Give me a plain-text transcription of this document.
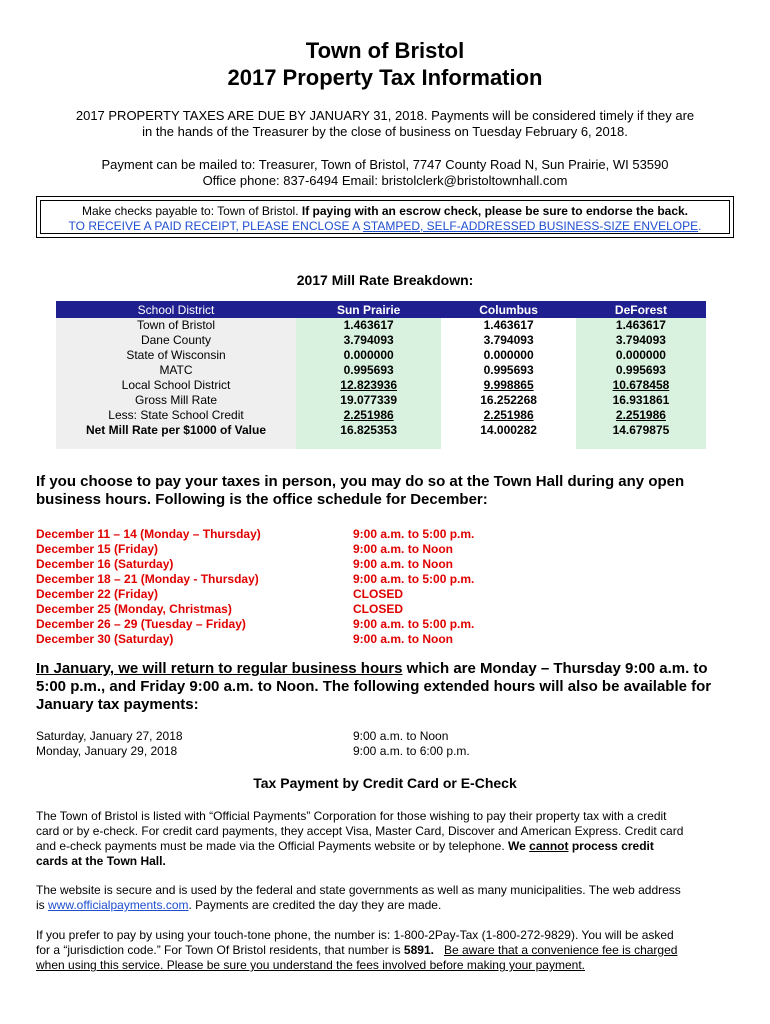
Town of Bristol
2017 Property Tax Information
2017 PROPERTY TAXES ARE DUE BY JANUARY 31, 2018. Payments will be considered timely if they are
in the hands of the Treasurer by the close of business on Tuesday February 6, 2018.
Payment can be mailed to: Treasurer, Town of Bristol, 7747 County Road N, Sun Prairie, WI 53590
Office phone: 837-6494 Email: bristolclerk@bristoltownhall.com
Make checks payable to: Town of Bristol. If paying with an escrow check, please be sure to endorse the back.
TO RECEIVE A PAID RECEIPT, PLEASE ENCLOSE A STAMPED, SELF-ADDRESSED BUSINESS-SIZE ENVELOPE.
2017 Mill Rate Breakdown:
School District	Sun Prairie	Columbus	DeForest
Town of Bristol	1.463617	1.463617	1.463617
Dane County	3.794093	3.794093	3.794093
State of Wisconsin	0.000000	0.000000	0.000000
MATC	0.995693	0.995693	0.995693
Local School District	12.823936	9.998865	10.678458
Gross Mill Rate	19.077339	16.252268	16.931861
Less: State School Credit	2.251986	2.251986	2.251986
Net Mill Rate per $1000 of Value	16.825353	14.000282	14.679875
If you choose to pay your taxes in person, you may do so at the Town Hall during any open
business hours. Following is the office schedule for December:
December 11 – 14 (Monday – Thursday)	9:00 a.m. to 5:00 p.m.
December 15 (Friday)	9:00 a.m. to Noon
December 16 (Saturday)	9:00 a.m. to Noon
December 18 – 21 (Monday - Thursday)	9:00 a.m. to 5:00 p.m.
December 22 (Friday)	CLOSED
December 25 (Monday, Christmas)	CLOSED
December 26 – 29 (Tuesday – Friday)	9:00 a.m. to 5:00 p.m.
December 30 (Saturday)	9:00 a.m. to Noon
In January, we will return to regular business hours which are Monday – Thursday 9:00 a.m. to
5:00 p.m., and Friday 9:00 a.m. to Noon. The following extended hours will also be available for
January tax payments:
Saturday, January 27, 2018	9:00 a.m. to Noon
Monday, January 29, 2018	9:00 a.m. to 6:00 p.m.
Tax Payment by Credit Card or E-Check
The Town of Bristol is listed with “Official Payments” Corporation for those wishing to pay their property tax with a credit
card or by e-check. For credit card payments, they accept Visa, Master Card, Discover and American Express. Credit card
and e-check payments must be made via the Official Payments website or by telephone. We cannot process credit
cards at the Town Hall.
The website is secure and is used by the federal and state governments as well as many municipalities. The web address
is www.officialpayments.com. Payments are credited the day they are made.
If you prefer to pay by using your touch-tone phone, the number is: 1-800-2Pay-Tax (1-800-272-9829). You will be asked
for a “jurisdiction code.” For Town Of Bristol residents, that number is 5891. Be aware that a convenience fee is charged
when using this service. Please be sure you understand the fees involved before making your payment.
